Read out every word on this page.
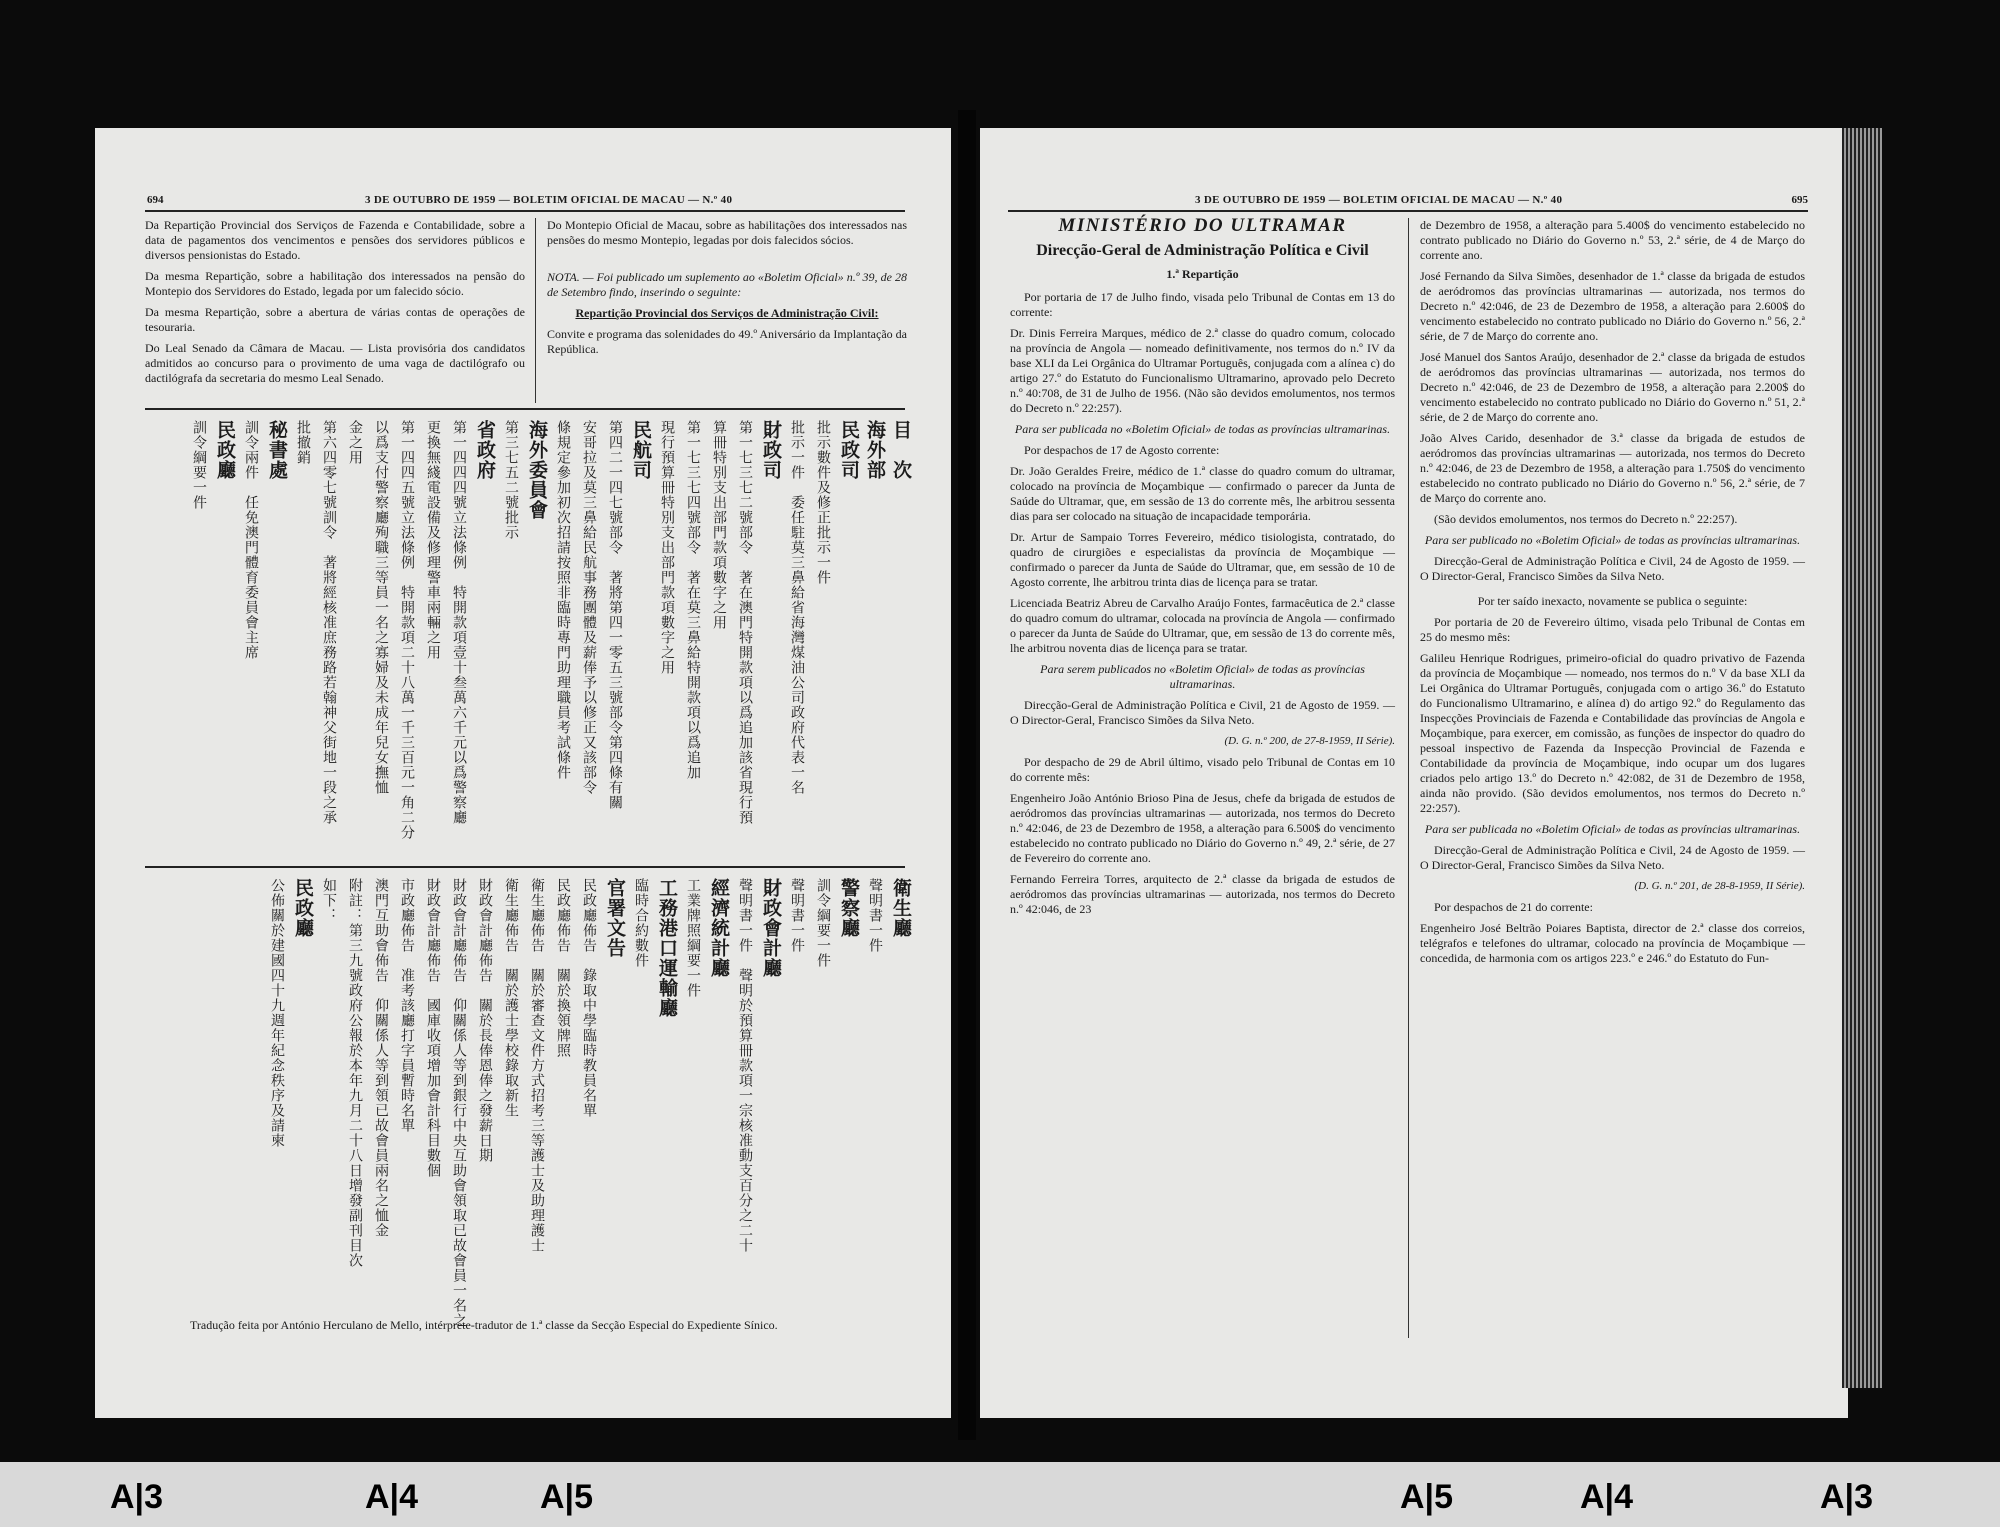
694	3 DE OUTUBRO DE 1959 — BOLETIM OFICIAL DE MACAU — N.º 40

Da Repartição Provincial dos Serviços de Fazenda e Contabilidade, sobre a data de pagamentos dos vencimentos e pensões dos servidores públicos e diversos pensionistas do Estado.

Da mesma Repartição, sobre a habilitação dos interessados na pensão do Montepio dos Servidores do Estado, legada por um falecido sócio.

Da mesma Repartição, sobre a abertura de várias contas de operações de tesouraria.

Do Leal Senado da Câmara de Macau. — Lista provisória dos candidatos admitidos ao concurso para o provimento de uma vaga de dactilógrafo ou dactilógrafa da secretaria do mesmo Leal Senado.

Do Montepio Oficial de Macau, sobre as habilitações dos interessados nas pensões do mesmo Montepio, legadas por dois falecidos sócios.

NOTA. — Foi publicado um suplemento ao «Boletim Oficial» n.º 39, de 28 de Setembro findo, inserindo o seguinte:

Repartição Provincial dos Serviços de Administração Civil:

Convite e programa das solenidades do 49.º Aniversário da Implantação da República.

目　次
海外部
民政司
批示數件及修正批示一件
批示一件　委任駐莫三鼻給省海灣煤油公司政府代表一名
財政司
第一七三七二號部令　著在澳門特開款項以爲追加該省現行預
算冊特別支出部門款項數字之用
第一七三七四號部令　著在莫三鼻給特開款項以爲追加
現行預算冊特別支出部門款項數字之用
民航司
第四二一四七號部令　著將第四一零五三號部令第四條有關
安哥拉及莫三鼻給民航事務團體及薪俸予以修正又該部令
條規定參加初次招請按照非臨時專門助理職員考試條件
海外委員會
第三七五二號批示
省政府
第一四四四號立法條例　特開款項壹十叁萬六千元以爲警察廳
更換無綫電設備及修理警車兩輛之用
第一四四五號立法條例　特開款項二十八萬一千三百元一角二分
以爲支付警察廳殉職三等員一名之寡婦及未成年兒女撫恤
金之用
第六四零七號訓令　著將經核准庶務路若翰神父街地一段之承
批撤銷
秘書處
訓令兩件　任免澳門體育委員會主席
民政廳
訓令綱要一件
衛生廳
聲明書一件
警察廳
訓令綱要一件
聲明書一件
財政會計廳
聲明書一件　聲明於預算冊款項一宗核准動支百分之二十
經濟統計廳
工業牌照綱要一件
工務港口運輸廳
臨時合約數件
官署文告
民政廳佈告　錄取中學臨時教員名單
民政廳佈告　關於換領牌照
衛生廳佈告　關於審查文件方式招考三等護士及助理護士
衛生廳佈告　關於護士學校錄取新生
財政會計廳佈告　關於長俸恩俸之發薪日期
財政會計廳佈告　仰關係人等到銀行中央互助會領取已故會員一名之
財政會計廳佈告　國庫收項增加會計科目數個
市政廳佈告　准考該廳打字員暫時名單
澳門互助會佈告　仰關係人等到領已故會員兩名之恤金
附註：第三九號政府公報於本年九月二十八日增發副刊目次
如下：
民政廳
公佈關於建國四十九週年紀念秩序及請柬
Tradução feita por António Herculano de Mello, intérprete-tradutor de 1.ª classe da Secção Especial do Expediente Sínico.
3 DE OUTUBRO DE 1959 — BOLETIM OFICIAL DE MACAU — N.º 40	695
MINISTÉRIO DO ULTRAMAR
Direcção-Geral de Administração Política e Civil
1.ª Repartição

Por portaria de 17 de Julho findo, visada pelo Tribunal de Contas em 13 do corrente:

Dr. Dinis Ferreira Marques, médico de 2.ª classe do quadro comum, colocado na província de Angola — nomeado definitivamente, nos termos do n.º IV da base XLI da Lei Orgânica do Ultramar Português, conjugada com a alínea c) do artigo 27.º do Estatuto do Funcionalismo Ultramarino, aprovado pelo Decreto n.º 40:708, de 31 de Julho de 1956. (Não são devidos emolumentos, nos termos do Decreto n.º 22:257).

Para ser publicada no «Boletim Oficial» de todas as províncias ultramarinas.

Por despachos de 17 de Agosto corrente:

Dr. João Geraldes Freire, médico de 1.ª classe do quadro comum do ultramar, colocado na província de Moçambique — confirmado o parecer da Junta de Saúde do Ultramar, que, em sessão de 13 do corrente mês, lhe arbitrou sessenta dias para ser colocado na situação de incapacidade temporária.

Dr. Artur de Sampaio Torres Fevereiro, médico tisiologista, contratado, do quadro de cirurgiões e especialistas da província de Moçambique — confirmado o parecer da Junta de Saúde do Ultramar, que, em sessão de 10 de Agosto corrente, lhe arbitrou trinta dias de licença para se tratar.

Licenciada Beatriz Abreu de Carvalho Araújo Fontes, farmacêutica de 2.ª classe do quadro comum do ultramar, colocada na província de Angola — confirmado o parecer da Junta de Saúde do Ultramar, que, em sessão de 13 do corrente mês, lhe arbitrou noventa dias de licença para se tratar.

Para serem publicados no «Boletim Oficial» de todas as províncias ultramarinas.

Direcção-Geral de Administração Política e Civil, 21 de Agosto de 1959. — O Director-Geral, Francisco Simões da Silva Neto.

(D. G. n.º 200, de 27-8-1959, II Série).

Por despacho de 29 de Abril último, visado pelo Tribunal de Contas em 10 do corrente mês:

Engenheiro João António Brioso Pina de Jesus, chefe da brigada de estudos de aeródromos das províncias ultramarinas — autorizada, nos termos do Decreto n.º 42:046, de 23 de Dezembro de 1958, a alteração para 6.500$ do vencimento estabelecido no contrato publicado no Diário do Governo n.º 49, 2.ª série, de 27 de Fevereiro do corrente ano.

Fernando Ferreira Torres, arquitecto de 2.ª classe da brigada de estudos de aeródromos das províncias ultramarinas — autorizada, nos termos do Decreto n.º 42:046, de 23

de Dezembro de 1958, a alteração para 5.400$ do vencimento estabelecido no contrato publicado no Diário do Governo n.º 53, 2.ª série, de 4 de Março do corrente ano.

José Fernando da Silva Simões, desenhador de 1.ª classe da brigada de estudos de aeródromos das províncias ultramarinas — autorizada, nos termos do Decreto n.º 42:046, de 23 de Dezembro de 1958, a alteração para 2.600$ do vencimento estabelecido no contrato publicado no Diário do Governo n.º 56, 2.ª série, de 7 de Março do corrente ano.

José Manuel dos Santos Araújo, desenhador de 2.ª classe da brigada de estudos de aeródromos das províncias ultramarinas — autorizada, nos termos do Decreto n.º 42:046, de 23 de Dezembro de 1958, a alteração para 2.200$ do vencimento estabelecido no contrato publicado no Diário do Governo n.º 51, 2.ª série, de 2 de Março do corrente ano.

João Alves Carido, desenhador de 3.ª classe da brigada de estudos de aeródromos das províncias ultramarinas — autorizada, nos termos do Decreto n.º 42:046, de 23 de Dezembro de 1958, a alteração para 1.750$ do vencimento estabelecido no contrato publicado no Diário do Governo n.º 56, 2.ª série, de 7 de Março do corrente ano.

(São devidos emolumentos, nos termos do Decreto n.º 22:257).

Para ser publicado no «Boletim Oficial» de todas as províncias ultramarinas.

Direcção-Geral de Administração Política e Civil, 24 de Agosto de 1959. — O Director-Geral, Francisco Simões da Silva Neto.

Por ter saído inexacto, novamente se publica o seguinte:

Por portaria de 20 de Fevereiro último, visada pelo Tribunal de Contas em 25 do mesmo mês:

Galileu Henrique Rodrigues, primeiro-oficial do quadro privativo de Fazenda da província de Moçambique — nomeado, nos termos do n.º V da base XLI da Lei Orgânica do Ultramar Português, conjugada com o artigo 36.º do Estatuto do Funcionalismo Ultramarino, e alínea d) do artigo 92.º do Regulamento das Inspecções Provinciais de Fazenda e Contabilidade das províncias de Angola e Moçambique, para exercer, em comissão, as funções de inspector do quadro do pessoal inspectivo de Fazenda da Inspecção Provincial de Fazenda e Contabilidade da província de Moçambique, indo ocupar um dos lugares criados pelo artigo 13.º do Decreto n.º 42:082, de 31 de Dezembro de 1958, ainda não provido. (São devidos emolumentos, nos termos do Decreto n.º 22:257).

Para ser publicada no «Boletim Oficial» de todas as províncias ultramarinas.

Direcção-Geral de Administração Política e Civil, 24 de Agosto de 1959. — O Director-Geral, Francisco Simões da Silva Neto.

(D. G. n.º 201, de 28-8-1959, II Série).

Por despachos de 21 do corrente:

Engenheiro José Beltrão Poiares Baptista, director de 2.ª classe dos correios, telégrafos e telefones do ultramar, colocado na província de Moçambique — concedida, de harmonia com os artigos 223.º e 246.º do Estatuto do Fun-

A|3	A|4	A|5	A|5	A|4	A|3
